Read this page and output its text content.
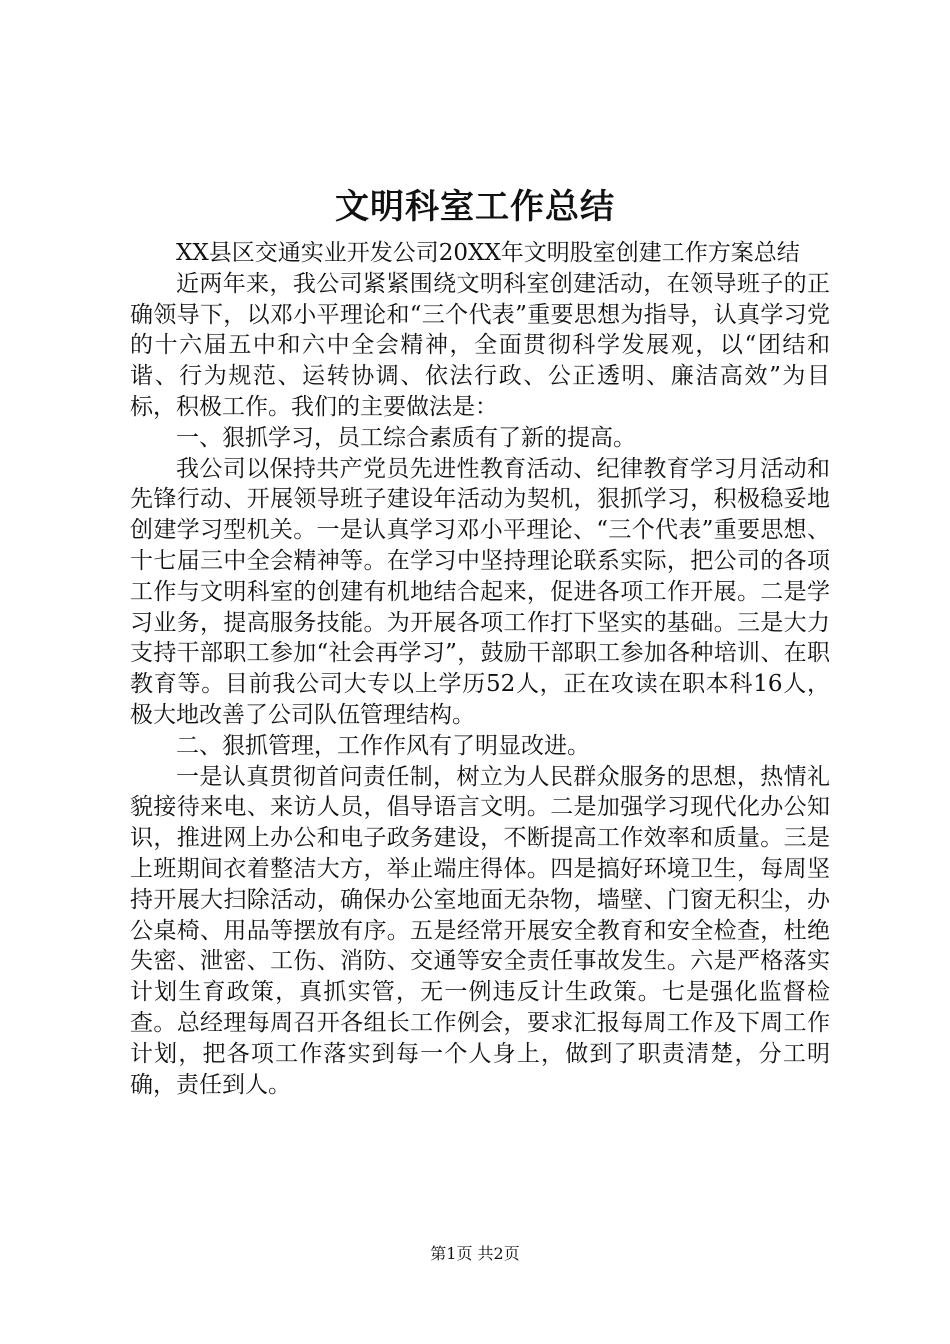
文明科室工作总结

XX县区交通实业开发公司20XX年文明股室创建工作方案总结

近两年来，我公司紧紧围绕文明科室创建活动，在领导班子的正确领导下，以邓小平理论和“三个代表”重要思想为指导，认真学习党的十六届五中和六中全会精神，全面贯彻科学发展观，以“团结和谐、行为规范、运转协调、依法行政、公正透明、廉洁高效”为目标，积极工作。我们的主要做法是：

一、狠抓学习，员工综合素质有了新的提高。

我公司以保持共产党员先进性教育活动、纪律教育学习月活动和先锋行动、开展领导班子建设年活动为契机，狠抓学习，积极稳妥地创建学习型机关。一是认真学习邓小平理论、“三个代表”重要思想、十七届三中全会精神等。在学习中坚持理论联系实际，把公司的各项工作与文明科室的创建有机地结合起来，促进各项工作开展。二是学习业务，提高服务技能。为开展各项工作打下坚实的基础。三是大力支持干部职工参加“社会再学习”，鼓励干部职工参加各种培训、在职教育等。目前我公司大专以上学历52人，正在攻读在职本科16人，极大地改善了公司队伍管理结构。

二、狠抓管理，工作作风有了明显改进。

一是认真贯彻首问责任制，树立为人民群众服务的思想，热情礼貌接待来电、来访人员，倡导语言文明。二是加强学习现代化办公知识，推进网上办公和电子政务建设，不断提高工作效率和质量。三是上班期间衣着整洁大方，举止端庄得体。四是搞好环境卫生，每周坚持开展大扫除活动，确保办公室地面无杂物，墙壁、门窗无积尘，办公桌椅、用品等摆放有序。五是经常开展安全教育和安全检查，杜绝失密、泄密、工伤、消防、交通等安全责任事故发生。六是严格落实计划生育政策，真抓实管，无一例违反计生政策。七是强化监督检查。总经理每周召开各组长工作例会，要求汇报每周工作及下周工作计划，把各项工作落实到每一个人身上，做到了职责清楚，分工明确，责任到人。

第1页 共2页
